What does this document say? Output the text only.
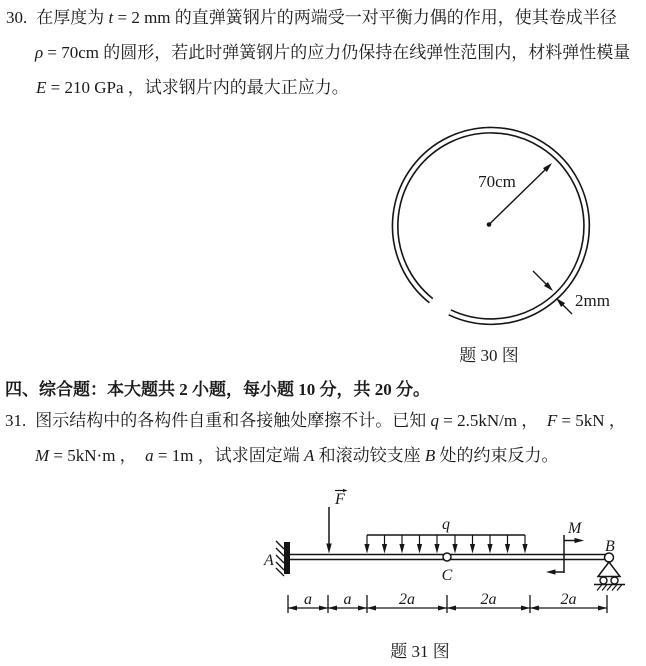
30. 在厚度为 t = 2 mm 的直弹簧钢片的两端受一对平衡力偶的作用，使其卷成半径
ρ = 70cm 的圆形，若此时弹簧钢片的应力仍保持在线弹性范围内，材料弹性模量
E = 210 GPa ，试求钢片内的最大正应力。
70cm
2mm
题 30 图
四、综合题：本大题共 2 小题，每小题 10 分，共 20 分。
31. 图示结构中的各构件自重和各接触处摩擦不计。已知 q = 2.5kN/m ，  F = 5kN ，
M = 5kN·m ，  a = 1m ，试求固定端 A 和滚动铰支座 B 处的约束反力。
A
F
q
C
M
B
a a	2a	2a	2a
题 31 图
